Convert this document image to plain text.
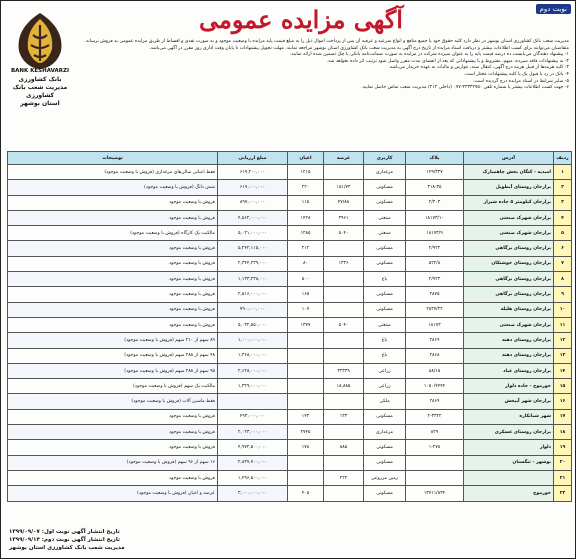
نوبت دوم
آگهی مزایده عمومی
BANK KESHAVARZI
بانک کشاورزی
مدیریت شعب بانک کشاورزی
استان بوشهر

مدیریت شعب بانک کشاورزی استان بوشهر در نظر دارد کلیه حقوق خود یا جمیع منافع و انواع شرعیه و عرفیه آن پس از پرداخت اموال ذیل را به مبلغ قیمت پایه مزایده با وضعیت موجود و به صورت نقدی و اقساط از طریق مزایده عمومی به فروش برساند.

متقاضیان می‌توانند برای کسب اطلاعات بیشتر و دریافت اسناد مزایده از تاریخ درج آگهی به مدیریت شعب بانک کشاورزی استان بوشهر مراجعه نمایند. مهلت تحویل پیشنهادات تا پایان وقت اداری روز مقرر در آگهی می‌باشد.

۱- پیشنهاد دهندگان می‌بایست ده درصد قیمت پایه را به عنوان سپرده شرکت در مزایده به صورت ضمانت‌نامه بانکی یا چک تضمین شده ارائه نمایند.

۲- به پیشنهادات فاقد سپرده، مبهم، مشروط و یا پیشنهاداتی که بعد از انقضای مدت مقرر واصل شود ترتیب اثر داده نخواهد شد.

۳- کلیه هزینه‌ها از قبیل هزینه درج آگهی، انتقال سند، عوارض و مالیات به عهده خریدار می‌باشد.

۴- بانک در رد یا قبول یک یا کلیه پیشنهادات مختار است.

۵- سایر شرایط در اسناد مزایده درج گردیده است.

۶- جهت کسب اطلاعات بیشتر با شماره تلفن ۳۳۳۳۲۷۵۰-۰۷۷ (داخلی ۲۱۲) مدیریت شعب تماس حاصل نمایید.

ردیف	آدرس	پلاک	کاربری	عرصه	اعیان	مبلغ ارزیابی	توضیحات
۱	امیدیه - کنگان بخش چاهمبارک	۱۴۹/۳۳۷	مرغداری		۱۲۱۵	۶۱۷,۲۰۰,۰۰۰	فقط اعیانی سالن‌های مرغداری (فروش با وضعیت موجود)
۲	برازجان روستای آبطویل	۳۱۸-۳۵	مسکونی	۱۵۱/۷۳	۲۲۰	۶۱۷,۰۰۰,۰۰۰	شش دانگ (فروش با وضعیت موجود)
۳	برازجان کیلومتر ۵ جاده شیراز	۲/۲۰۳	مسکونی	۴۷/۸۸	۱۱۵	۸۹۷,۰۰۰,۰۰۰	فروش با وضعیت موجود
۴	برازجان شهرک صنعتی	۱۸۱۷۳/۱۰	صنعتی	۳۹۶۱	۱۴۲۸	۴,۵۶۲,۰۰۰,۰۰۰	فروش با وضعیت موجود
۵	برازجان شهرک صنعتی	۱۸۱۷۳/۹	صنعتی	۵۰۴۰	۱۲۸۵	۵,۰۲۱,۰۰۰,۰۰۰	مالکیت یک کارگاه (فروش با وضعیت موجود)
۶	برازجان روستای برگاهی	۲/۹۲۲	مسکونی		۲۱۲	۵,۲۴۲,۱۱۵,۰۰۰	فروش با وضعیت موجود
۷	برازجان روستای خوشنکان	۵۲۲/۸	مسکونی	۱۳۳۶	۸۰	۲,۳۴۴,۲۳۹,۰۰۰	فروش با وضعیت موجود
۸	برازجان روستای برگاهی	۲/۹۲۳	باغ		۵۰۰	۱,۱۳۳,۲۳۸,۰۰۰	فروش با وضعیت موجود
۹	برازجان روستای برگاهی	۲۸۷۵	مسکونی		۱۶۵	۲,۵۱۶,۰۰۰,۰۰۰	فروش با وضعیت موجود
۱۰	برازجان روستای هلیله	۲۸۳۷/۲۲	مسکونی		۱۰۷	۷۹۰,۰۰۰,۰۰۰	فروش با وضعیت موجود
۱۱	برازجان شهرک صنعتی	۱۸۱۷۳	صنعتی	۵۰۴۰	۱۳۷۷	۵,۰۳۲,۵۵۰,۰۰۰	فروش با وضعیت موجود
۱۲	برازجان روستای دهنه	۲۸۶۹	باغ			۱,۰۰۰,۰۰۰,۰۰۰	۸۹ سهم از ۲۱۰ سهم (فروش با وضعیت موجود)
۱۳	برازجان روستای دهنه	۲۸۶۸	باغ			۱,۳۶۸,۰۰۰,۰۰۰	۴۸ سهم از ۲۸۸ سهم (فروش با وضعیت موجود)
۱۴	برازجان روستای عباد	۸۸/۱۵	زراعی	۳۲۳۳۹		۲,۶۲۸,۰۰۰,۰۰۰	۹۵ سهم از ۲۸۸ سهم (فروش با وضعیت موجود)
۱۵	خورموج - جاده دلوار	۱۰۵۰/۴۴۴۴	زراعی	۱۸,۸۸۵		۱,۳۲۹,۰۰۰,۰۰۰	مالکیت یک سهم (فروش با وضعیت موجود)
۱۶	برازجان شهر آبپخش	۲۸۶۹	ملکی				فقط ماشین آلات (فروش با وضعیت موجود)
۱۷	شهر شبانکاره	۲-۳۳۲۲	مسکونی	۱۳۳	۱۴۳	۴۹۳,۰۰۰,۰۰۰	فروش با وضعیت موجود
۱۸	برازجان روستای عسکری	۸۲۹	مرغداری		۲۷۴۵	۲,۰۲۳,۰۰۰,۰۰۰	فروش با وضعیت موجود
۱۹	دلوار	۱-۲۷۸	مسکونی	۸۸۵	۱۷۸	۴,۹۷۲,۵۰۰,۰۰۰	فروش با وضعیت موجود
۲۰	بوشهر - تنگستان		مسکونی			۲,۸۳۷,۷۰۰,۰۰۰	۱۶ سهم از ۹۶ سهم (فروش با وضعیت موجود)
۲۱			زمین مزروعی	۲۲۲		۱,۴۹۶,۵۰۰,۰۰۰	فروش با وضعیت موجود
۲۲	خورموج	۱۳۷۱۱/۸۳۴	مسکونی		۴۰۵	۳,۰۰۰,۰۰۰,۰۰۰	عرصه و اعیان (فروش با وضعیت موجود)
تاریخ انتشار آگهی نوبت اول: ۱۳۹۹/۰۹/۰۷
تاریخ انتشار آگهی نوبت دوم: ۱۳۹۹/۰۹/۱۴
مدیریت شعب بانک کشاورزی استان بوشهر
